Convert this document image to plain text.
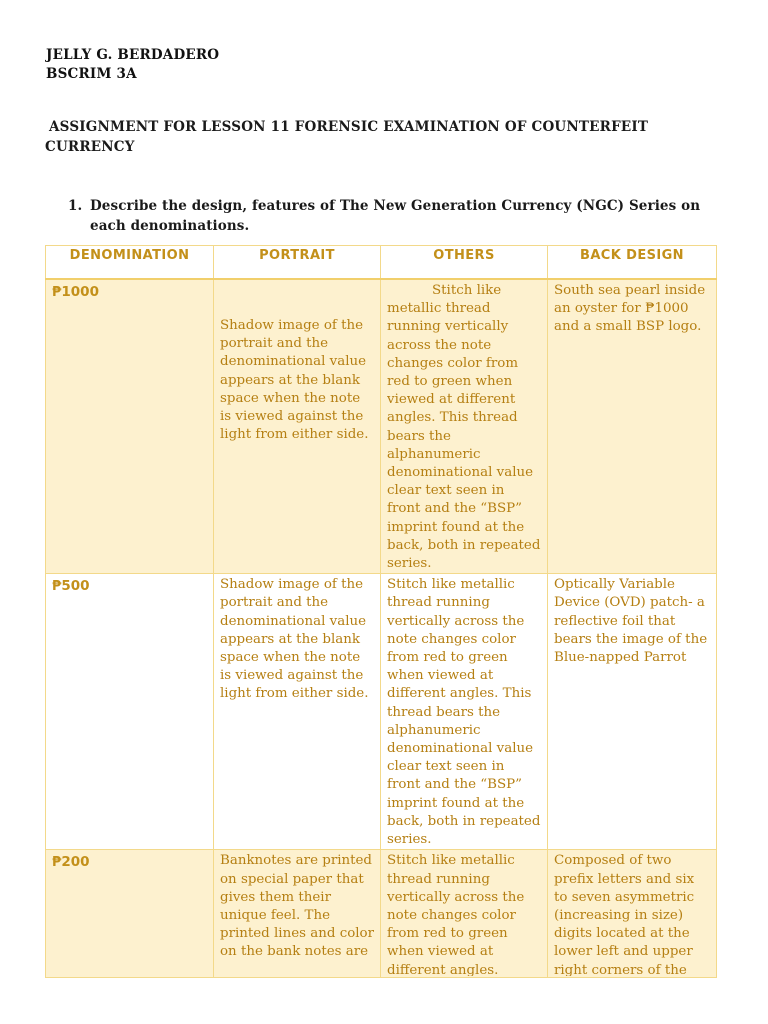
JELLY G. BERDADERO
BSCRIM 3A
ASSIGNMENT FOR LESSON 11 FORENSIC EXAMINATION OF COUNTERFEIT CURRENCY
1. Describe the design, features of The New Generation Currency (NGC) Series on each denominations.
DENOMINATION	PORTRAIT	OTHERS	BACK DESIGN

₱1000	Shadow image of the portrait and the denominational value appears at the blank space when the note is viewed against the light from either side.	Stitch like metallic thread running vertically across the note changes color from red to green when viewed at different angles. This thread bears the alphanumeric denominational value clear text seen in front and the “BSP” imprint found at the back, both in repeated series.	South sea pearl inside an oyster for ₱1000 and a small BSP logo.

₱500	Shadow image of the portrait and the denominational value appears at the blank space when the note is viewed against the light from either side.	Stitch like metallic thread running vertically across the note changes color from red to green when viewed at different angles. This thread bears the alphanumeric denominational value clear text seen in front and the “BSP” imprint found at the back, both in repeated series.	Optically Variable Device (OVD) patch- a reflective foil that bears the image of the Blue-napped Parrot

₱200	Banknotes are printed on special paper that gives them their unique feel. The printed lines and color on the bank notes are	Stitch like metallic thread running vertically across the note changes color from red to green when viewed at different angles.	Composed of two prefix letters and six to seven asymmetric (increasing in size) digits located at the lower left and upper right corners of the
